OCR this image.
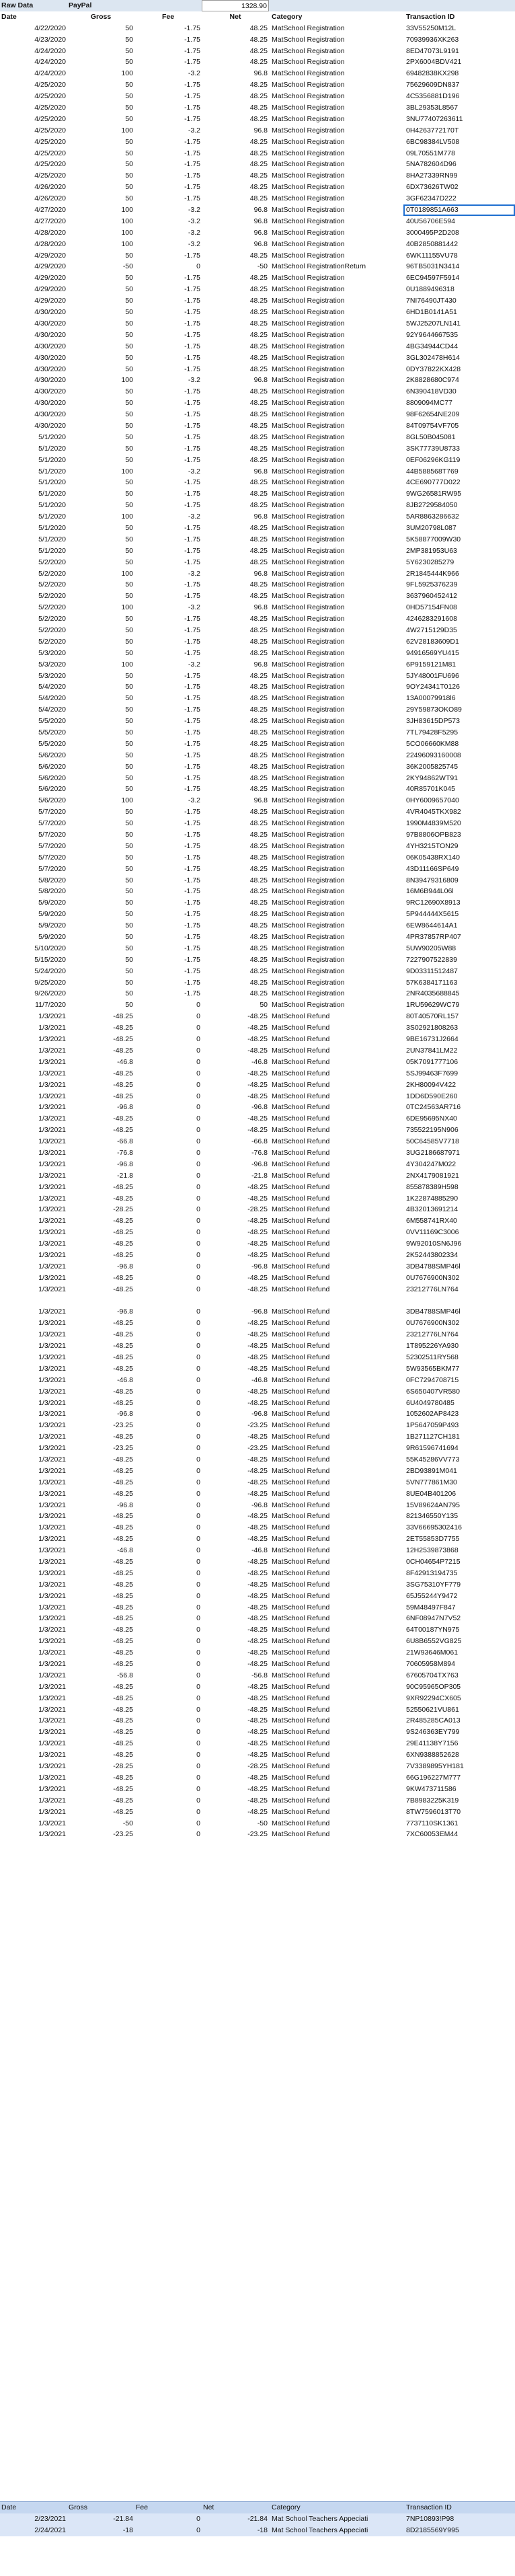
Raw Data	PayPal	1328.90
Date	Gross	Fee	Net	Category	Transaction ID
4/22/2020	50	-1.75	48.25 MatSchool Registration	33V55250M12L
4/23/2020	50	-1.75	48.25 MatSchool Registration	70939936XK263
4/24/2020	50	-1.75	48.25 MatSchool Registration	8ED47073L9191
4/24/2020	50	-1.75	48.25 MatSchool Registration	2PX6004BDV421
4/24/2020	100	-3.2	96.8 MatSchool Registration	69482838KX298
4/25/2020	50	-1.75	48.25 MatSchool Registration	75629609DN837
4/25/2020	50	-1.75	48.25 MatSchool Registration	4C5356881D196
4/25/2020	50	-1.75	48.25 MatSchool Registration	3BL29353L8567
4/25/2020	50	-1.75	48.25 MatSchool Registration	3NU77407263611
4/25/2020	100	-3.2	96.8 MatSchool Registration	0H4263772170T
4/25/2020	50	-1.75	48.25 MatSchool Registration	6BC98384LV508
4/25/2020	50	-1.75	48.25 MatSchool Registration	09L70551M778
4/25/2020	50	-1.75	48.25 MatSchool Registration	5NA782604D96
4/25/2020	50	-1.75	48.25 MatSchool Registration	8HA27339RN99
4/26/2020	50	-1.75	48.25 MatSchool Registration	6DX73626TW02
4/26/2020	50	-1.75	48.25 MatSchool Registration	3GF62347D222
4/27/2020	100	-3.2	96.8 MatSchool Registration	0T0189851A663
4/27/2020	100	-3.2	96.8 MatSchool Registration	40U56706E594
4/28/2020	100	-3.2	96.8 MatSchool Registration	3000495P2D208
4/28/2020	100	-3.2	96.8 MatSchool Registration	40B2850881442
4/29/2020	50	-1.75	48.25 MatSchool Registration	6WK11155VU78
4/29/2020	-50	0	-50 MatSchool RegistrationReturn	96TB5031N3414
4/29/2020	50	-1.75	48.25 MatSchool Registration	6EC94597F5914
4/29/2020	50	-1.75	48.25 MatSchool Registration	0U1889496318
4/29/2020	50	-1.75	48.25 MatSchool Registration	7NI76490JT430
4/30/2020	50	-1.75	48.25 MatSchool Registration	6HD1B0141A51
4/30/2020	50	-1.75	48.25 MatSchool Registration	5WJ25207LN141
4/30/2020	50	-1.75	48.25 MatSchool Registration	92Y9644667535
4/30/2020	50	-1.75	48.25 MatSchool Registration	4BG34944CD44
4/30/2020	50	-1.75	48.25 MatSchool Registration	3GL302478H614
4/30/2020	50	-1.75	48.25 MatSchool Registration	0DY37822KX428
4/30/2020	100	-3.2	96.8 MatSchool Registration	2K8828680C974
4/30/2020	50	-1.75	48.25 MatSchool Registration	6N390418VD30
4/30/2020	50	-1.75	48.25 MatSchool Registration	8809094MC77
4/30/2020	50	-1.75	48.25 MatSchool Registration	98F62654NE209
4/30/2020	50	-1.75	48.25 MatSchool Registration	84T09754VF705
5/1/2020	50	-1.75	48.25 MatSchool Registration	8GL50B045081
5/1/2020	50	-1.75	48.25 MatSchool Registration	3SK77739U8733
5/1/2020	50	-1.75	48.25 MatSchool Registration	0EF06296KG119
5/1/2020	100	-3.2	96.8 MatSchool Registration	44B588568T769
5/1/2020	50	-1.75	48.25 MatSchool Registration	4CE690777D022
5/1/2020	50	-1.75	48.25 MatSchool Registration	9WG26581RW95
5/1/2020	50	-1.75	48.25 MatSchool Registration	8JB2729584050
5/1/2020	100	-3.2	96.8 MatSchool Registration	5AR8863286632
5/1/2020	50	-1.75	48.25 MatSchool Registration	3UM20798L087
5/1/2020	50	-1.75	48.25 MatSchool Registration	5K58877009W30
5/1/2020	50	-1.75	48.25 MatSchool Registration	2MP381953U63
5/2/2020	50	-1.75	48.25 MatSchool Registration	5Y6230285279
5/2/2020	100	-3.2	96.8 MatSchool Registration	2R1845444K966
5/2/2020	50	-1.75	48.25 MatSchool Registration	9FL5925376239
5/2/2020	50	-1.75	48.25 MatSchool Registration	3637960452412
5/2/2020	100	-3.2	96.8 MatSchool Registration	0HD57154FN08
5/2/2020	50	-1.75	48.25 MatSchool Registration	4246283291608
5/2/2020	50	-1.75	48.25 MatSchool Registration	4W2715129D35
5/2/2020	50	-1.75	48.25 MatSchool Registration	62V28183609D1
5/3/2020	50	-1.75	48.25 MatSchool Registration	94916569YU415
5/3/2020	100	-3.2	96.8 MatSchool Registration	6P9159121M81
5/3/2020	50	-1.75	48.25 MatSchool Registration	5JY48001FU696
5/4/2020	50	-1.75	48.25 MatSchool Registration	9OY24341T0126
5/4/2020	50	-1.75	48.25 MatSchool Registration	13A00079918l6
5/4/2020	50	-1.75	48.25 MatSchool Registration	29Y59873OKO89
5/5/2020	50	-1.75	48.25 MatSchool Registration	3JH83615DP573
5/5/2020	50	-1.75	48.25 MatSchool Registration	7TL79428F5295
5/5/2020	50	-1.75	48.25 MatSchool Registration	5CO06660KM88
5/6/2020	50	-1.75	48.25 MatSchool Registration	22496093160008
5/6/2020	50	-1.75	48.25 MatSchool Registration	36K2005825745
5/6/2020	50	-1.75	48.25 MatSchool Registration	2KY94862WT91
5/6/2020	50	-1.75	48.25 MatSchool Registration	40R85701K045
5/6/2020	100	-3.2	96.8 MatSchool Registration	0HY6009657040
5/7/2020	50	-1.75	48.25 MatSchool Registration	4VR4045TKX982
5/7/2020	50	-1.75	48.25 MatSchool Registration	1990M4839M520
5/7/2020	50	-1.75	48.25 MatSchool Registration	97B8806OPB823
5/7/2020	50	-1.75	48.25 MatSchool Registration	4YH3215TON29
5/7/2020	50	-1.75	48.25 MatSchool Registration	06K05438RX140
5/7/2020	50	-1.75	48.25 MatSchool Registration	43D11166SP649
5/8/2020	50	-1.75	48.25 MatSchool Registration	8N39479316809
5/8/2020	50	-1.75	48.25 MatSchool Registration	16M6B944L06l
5/9/2020	50	-1.75	48.25 MatSchool Registration	9RC12690X8913
5/9/2020	50	-1.75	48.25 MatSchool Registration	5P944444X5615
5/9/2020	50	-1.75	48.25 MatSchool Registration	6EW8644614A1
5/9/2020	50	-1.75	48.25 MatSchool Registration	4PR37857RP407
5/10/2020	50	-1.75	48.25 MatSchool Registration	5UW90205W88
5/15/2020	50	-1.75	48.25 MatSchool Registration	7227907522839
5/24/2020	50	-1.75	48.25 MatSchool Registration	9D03311512487
9/25/2020	50	-1.75	48.25 MatSchool Registration	57K6384171163
9/26/2020	50	-1.75	48.25 MatSchool Registration	2NR4035688845
11/7/2020	50	0	50 MatSchool Registration	1RU59629WC79
1/3/2021	-48.25	0	-48.25 MatSchool Refund	80T40570RL157
1/3/2021	-48.25	0	-48.25 MatSchool Refund	3S02921808263
1/3/2021	-48.25	0	-48.25 MatSchool Refund	9BE16731J2664
1/3/2021	-48.25	0	-48.25 MatSchool Refund	2UN37841LM22
1/3/2021	-46.8	0	-46.8 MatSchool Refund	05K7091777106
1/3/2021	-48.25	0	-48.25 MatSchool Refund	5SJ99463F7699
1/3/2021	-48.25	0	-48.25 MatSchool Refund	2KH80094V422
1/3/2021	-48.25	0	-48.25 MatSchool Refund	1DD6D590E260
1/3/2021	-96.8	0	-96.8 MatSchool Refund	0TC24563AR716
1/3/2021	-48.25	0	-48.25 MatSchool Refund	6DE95695NX40
1/3/2021	-48.25	0	-48.25 MatSchool Refund	735522195N906
1/3/2021	-66.8	0	-66.8 MatSchool Refund	50C64585V7718
1/3/2021	-76.8	0	-76.8 MatSchool Refund	3UG2186687971
1/3/2021	-96.8	0	-96.8 MatSchool Refund	4Y304247M022
1/3/2021	-21.8	0	-21.8 MatSchool Refund	2NX4179081921
1/3/2021	-48.25	0	-48.25 MatSchool Refund	855878389H598
1/3/2021	-48.25	0	-48.25 MatSchool Refund	1K22874885290
1/3/2021	-28.25	0	-28.25 MatSchool Refund	4B32013691214
1/3/2021	-48.25	0	-48.25 MatSchool Refund	6M558741RX40
1/3/2021	-48.25	0	-48.25 MatSchool Refund	0VV11169C3006
1/3/2021	-48.25	0	-48.25 MatSchool Refund	9W92010SN6J96
1/3/2021	-48.25	0	-48.25 MatSchool Refund	2K52443802334
1/3/2021	-96.8	0	-96.8 MatSchool Refund	3DB4788SMP46l
1/3/2021	-48.25	0	-48.25 MatSchool Refund	0U7676900N302
1/3/2021	-48.25	0	-48.25 MatSchool Refund	23212776LN764
1/3/2021	-96.8	0	-96.8 MatSchool Refund	3DB4788SMP46l
1/3/2021	-48.25	0	-48.25 MatSchool Refund	0U7676900N302
1/3/2021	-48.25	0	-48.25 MatSchool Refund	23212776LN764
1/3/2021	-48.25	0	-48.25 MatSchool Refund	1T895226YA930
1/3/2021	-48.25	0	-48.25 MatSchool Refund	52302511RY568
1/3/2021	-48.25	0	-48.25 MatSchool Refund	5W93565BKM77
1/3/2021	-46.8	0	-46.8 MatSchool Refund	0FC7294708715
1/3/2021	-48.25	0	-48.25 MatSchool Refund	6S650407VR580
1/3/2021	-48.25	0	-48.25 MatSchool Refund	6U4049780485
1/3/2021	-96.8	0	-96.8 MatSchool Refund	1052602AP8423
1/3/2021	-23.25	0	-23.25 MatSchool Refund	1P5647059P493
1/3/2021	-48.25	0	-48.25 MatSchool Refund	1B271127CH181
1/3/2021	-23.25	0	-23.25 MatSchool Refund	9R61596741694
1/3/2021	-48.25	0	-48.25 MatSchool Refund	55K45286VV773
1/3/2021	-48.25	0	-48.25 MatSchool Refund	2BD93891M041
1/3/2021	-48.25	0	-48.25 MatSchool Refund	5VN777861M30
1/3/2021	-48.25	0	-48.25 MatSchool Refund	8UE04B401206
1/3/2021	-96.8	0	-96.8 MatSchool Refund	15V89624AN795
1/3/2021	-48.25	0	-48.25 MatSchool Refund	821346550Y135
1/3/2021	-48.25	0	-48.25 MatSchool Refund	33V66695302416
1/3/2021	-48.25	0	-48.25 MatSchool Refund	2ET55853D7755
1/3/2021	-46.8	0	-46.8 MatSchool Refund	12H2539873868
1/3/2021	-48.25	0	-48.25 MatSchool Refund	0CH04654P7215
1/3/2021	-48.25	0	-48.25 MatSchool Refund	8F42913194735
1/3/2021	-48.25	0	-48.25 MatSchool Refund	3SG75310YF779
1/3/2021	-48.25	0	-48.25 MatSchool Refund	65J55244Y9472
1/3/2021	-48.25	0	-48.25 MatSchool Refund	59M48497F847
1/3/2021	-48.25	0	-48.25 MatSchool Refund	6NF08947N7V52
1/3/2021	-48.25	0	-48.25 MatSchool Refund	64T00187YN975
1/3/2021	-48.25	0	-48.25 MatSchool Refund	6U8B6552VG825
1/3/2021	-48.25	0	-48.25 MatSchool Refund	21W93646M061
1/3/2021	-48.25	0	-48.25 MatSchool Refund	70605958M894
1/3/2021	-56.8	0	-56.8 MatSchool Refund	67605704TX763
1/3/2021	-48.25	0	-48.25 MatSchool Refund	90C95965OP305
1/3/2021	-48.25	0	-48.25 MatSchool Refund	9XR92294CX605
1/3/2021	-48.25	0	-48.25 MatSchool Refund	52550621VU861
1/3/2021	-48.25	0	-48.25 MatSchool Refund	2R485285CA013
1/3/2021	-48.25	0	-48.25 MatSchool Refund	9S246363EY799
1/3/2021	-48.25	0	-48.25 MatSchool Refund	29E41138Y7156
1/3/2021	-48.25	0	-48.25 MatSchool Refund	6XN9388852628
1/3/2021	-28.25	0	-28.25 MatSchool Refund	7V3389895YH181
1/3/2021	-48.25	0	-48.25 MatSchool Refund	66G196227M777
1/3/2021	-48.25	0	-48.25 MatSchool Refund	9KW473711586
1/3/2021	-48.25	0	-48.25 MatSchool Refund	7B8983225K319
1/3/2021	-48.25	0	-48.25 MatSchool Refund	8TW7596013T70
1/3/2021	-50	0	-50 MatSchool Refund	7737110SK1361
1/3/2021	-23.25	0	-23.25 MatSchool Refund	7XC60053EM44
Date	Gross	Fee	Net	Category	Transaction ID
2/23/2021	-21.84	0	-21.84 Mat School Teachers Appeciati	7NP10893!P98
2/24/2021	-18	0	-18 Mat School Teachers Appeciati	8D2185569Y995
